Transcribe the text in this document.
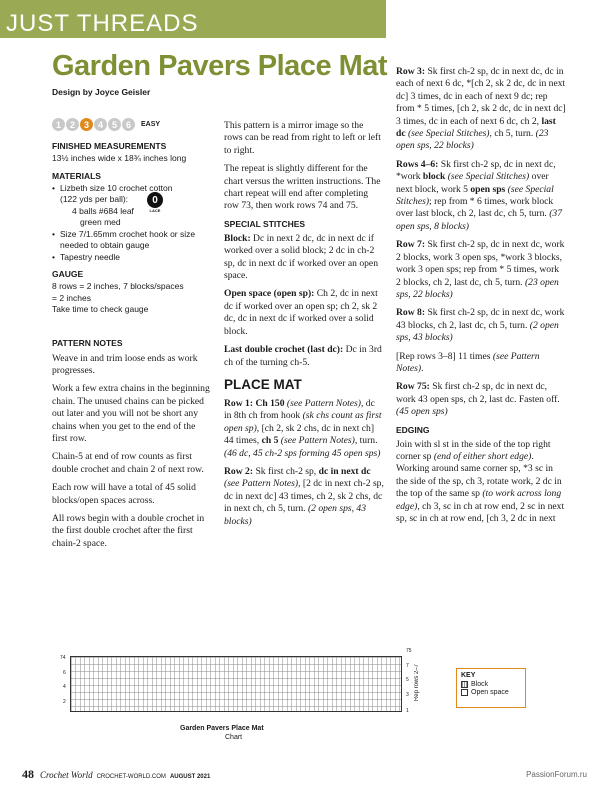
JUST THREADS
Garden Pavers Place Mat
Design by Joyce Geisler
1 2 3 4 5 6	EASY
FINISHED MEASUREMENTS
13½ inches wide x 18¾ inches long
MATERIALS
• Lizbeth size 10 crochet cotton (122 yds per ball):
4 balls #684 leaf
green med
• Size 7/1.65mm crochet hook or size needed to obtain gauge
• Tapestry needle
GAUGE
8 rows = 2 inches, 7 blocks/spaces
= 2 inches
Take time to check gauge
PATTERN NOTES
Weave in and trim loose ends as work progresses.
Work a few extra chains in the beginning chain. The unused chains can be picked out later and you will not be short any chains when you get to the end of the first row.
Chain-5 at end of row counts as first double crochet and chain 2 of next row.
Each row will have a total of 45 solid blocks/open spaces across.
All rows begin with a double crochet in the first double crochet after the first chain-2 space.
0
LACE
This pattern is a mirror image so the rows can be read from right to left or left to right.
The repeat is slightly different for the chart versus the written instructions. The chart repeat will end after completing row 73, then work rows 74 and 75.
SPECIAL STITCHES
Block: Dc in next 2 dc, dc in next dc if worked over a solid block; 2 dc in ch-2 sp, dc in next dc if worked over an open space.
Open space (open sp): Ch 2, dc in next dc if worked over an open sp; ch 2, sk 2 dc, dc in next dc if worked over a solid block.
Last double crochet (last dc): Dc in 3rd ch of the turning ch-5.
PLACE MAT
Row 1: Ch 150 (see Pattern Notes), dc in 8th ch from hook (sk chs count as first open sp), [ch 2, sk 2 chs, dc in next ch] 44 times, ch 5 (see Pattern Notes), turn. (46 dc, 45 ch-2 sps forming 45 open sps)
Row 2: Sk first ch-2 sp, dc in next dc (see Pattern Notes), [2 dc in next ch-2 sp, dc in next dc] 43 times, ch 2, sk 2 chs, dc in next ch, ch 5, turn. (2 open sps, 43 blocks)
Row 3: Sk first ch-2 sp, dc in next dc, dc in each of next 6 dc, *[ch 2, sk 2 dc, dc in next dc] 3 times, dc in each of next 9 dc; rep from * 5 times, [ch 2, sk 2 dc, dc in next dc] 3 times, dc in each of next 6 dc, ch 2, last dc (see Special Stitches), ch 5, turn. (23 open sps, 22 blocks)
Rows 4–6: Sk first ch-2 sp, dc in next dc, *work block (see Special Stitches) over next block, work 5 open sps (see Special Stitches); rep from * 6 times, work block over last block, ch 2, last dc, ch 5, turn. (37 open sps, 8 blocks)
Row 7: Sk first ch-2 sp, dc in next dc, work 2 blocks, work 3 open sps, *work 3 blocks, work 3 open sps; rep from * 5 times, work 2 blocks, ch 2, last dc, ch 5, turn. (23 open sps, 22 blocks)
Row 8: Sk first ch-2 sp, dc in next dc, work 43 blocks, ch 2, last dc, ch 5, turn. (2 open sps, 43 blocks)
[Rep rows 3–8] 11 times (see Pattern Notes).
Row 75: Sk first ch-2 sp, dc in next dc, work 43 open sps, ch 2, last dc. Fasten off. (45 open sps)
EDGING
Join with sl st in the side of the top right corner sp (end of either short edge). Working around same corner sp, *3 sc in the side of the sp, ch 3, rotate work, 2 dc in the top of the same sp (to work across long edge), ch 3, sc in ch at row end, 2 sc in next sp, sc in ch at row end, [ch 3, 2 dc in next
74
6
4
2
75
7
5
3
1
Rep rows 2–7
KEY
Block
Open space
Garden Pavers Place Mat
Chart
48 Crochet World CROCHET-WORLD.COM AUGUST 2021	PassionForum.ru
